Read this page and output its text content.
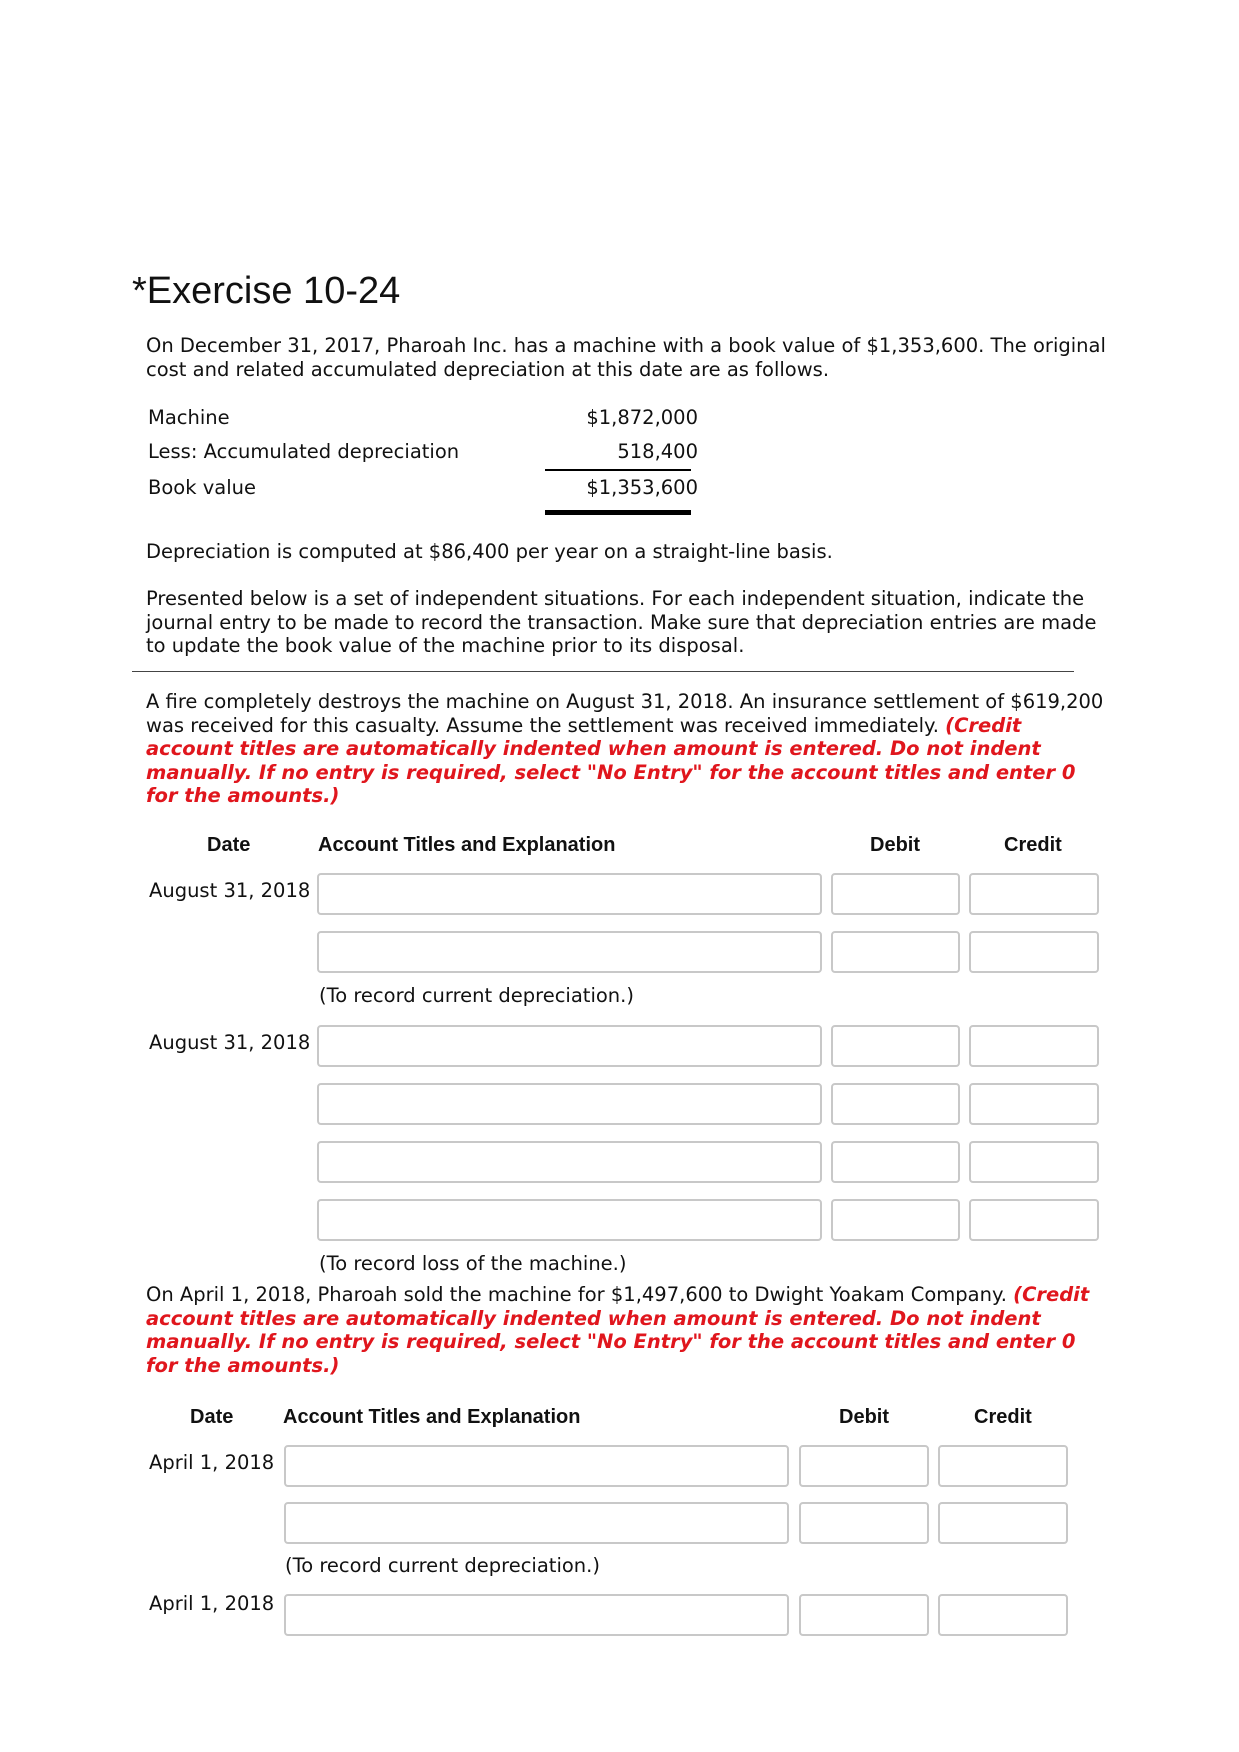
*Exercise 10-24
On December 31, 2017, Pharoah Inc. has a machine with a book value of $1,353,600. The original cost and related accumulated depreciation at this date are as follows.
Machine	$1,872,000
Less: Accumulated depreciation	518,400
Book value	$1,353,600
Depreciation is computed at $86,400 per year on a straight-line basis.
Presented below is a set of independent situations. For each independent situation, indicate the journal entry to be made to record the transaction. Make sure that depreciation entries are made to update the book value of the machine prior to its disposal.
A fire completely destroys the machine on August 31, 2018. An insurance settlement of $619,200 was received for this casualty. Assume the settlement was received immediately. (Credit account titles are automatically indented when amount is entered. Do not indent manually. If no entry is required, select "No Entry" for the account titles and enter 0 for the amounts.)
Date	Account Titles and Explanation	Debit	Credit
August 31, 2018
(To record current depreciation.)
August 31, 2018
(To record loss of the machine.)
On April 1, 2018, Pharoah sold the machine for $1,497,600 to Dwight Yoakam Company. (Credit account titles are automatically indented when amount is entered. Do not indent manually. If no entry is required, select "No Entry" for the account titles and enter 0 for the amounts.)
Date Account Titles and Explanation	Debit	Credit
April 1, 2018
(To record current depreciation.)
April 1, 2018
